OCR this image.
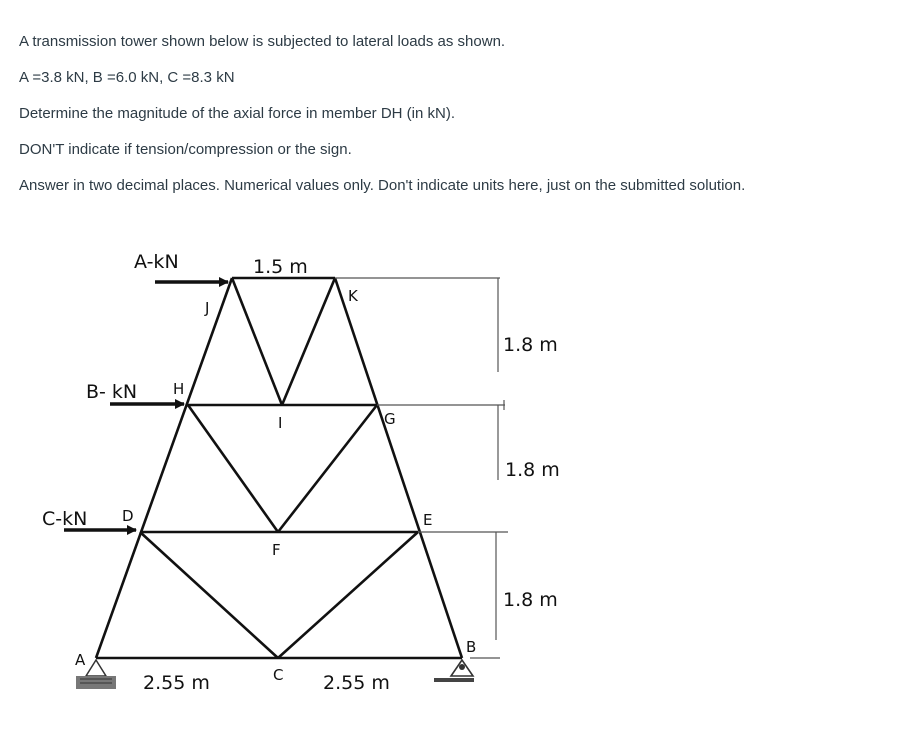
A transmission tower shown below is subjected to lateral loads as shown.

A =3.8 kN, B =6.0 kN, C =8.3 kN

Determine the magnitude of the axial force in member DH (in kN).

DON'T indicate if tension/compression or the sign.

Answer in two decimal places. Numerical values only. Don't indicate units here, just on the submitted solution.

A-kN
B- kN
C-kN
1.5 m
1.8 m
1.8 m
1.8 m
2.55 m	2.55 m
J
K
H
I	G
D
F
E
A
C
B
